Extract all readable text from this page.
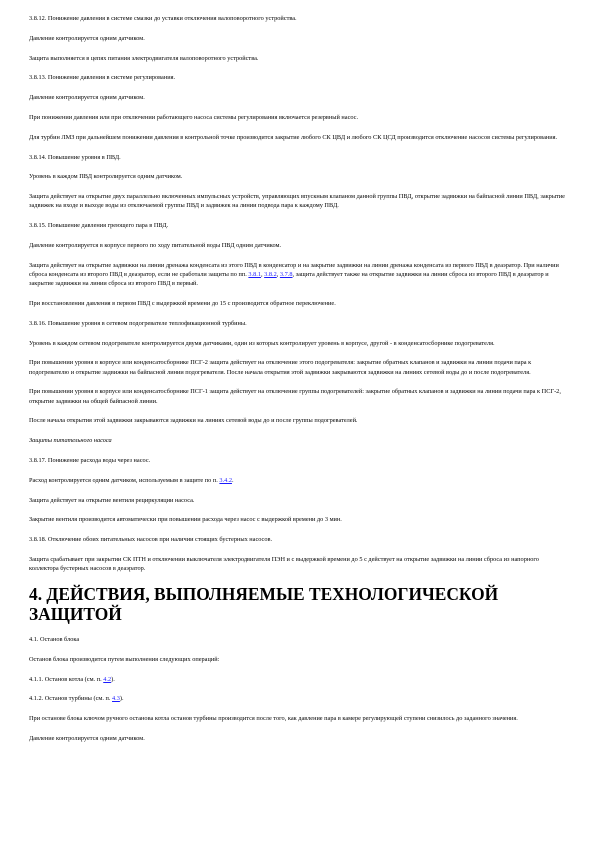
3.8.12. Понижение давления в системе смазки до уставки отключения валоповоротного устройства.

Давление контролируется одним датчиком.

Защита выполняется в цепях питания электродвигателя валоповоротного устройства.

3.8.13. Понижение давления в системе регулирования.

Давление контролируется одним датчиком.

При понижении давления или при отключении работающего насоса системы регулирования включается резервный насос.

Для турбин ЛМЗ при дальнейшем понижении давления в контрольной точке производится закрытие любого СК ЦВД и любого СК ЦСД производится отключение насосов системы регулирования.

3.8.14. Повышение уровня в ПВД.

Уровень в каждом ПВД контролируется одним датчиком.

Защита действует на открытие двух параллельно включенных импульсных устройств, управляющих впускным клапаном данной группы ПВД, открытие задвижки на байпасной линии ПВД, закрытие задвижек на входе и выходе воды из отключаемой группы ПВД и задвижек на линии подвода пара к каждому ПВД.

3.8.15. Повышение давления греющего пара в ПВД.

Давление контролируется в корпусе первого по ходу питательной воды ПВД одним датчиком.

Защита действует на открытие задвижки на линии дренажа конденсата из этого ПВД в конденсатор и на закрытие задвижки на линии дренажа конденсата из первого ПВД в деаэратор. При наличии сброса конденсата из второго ПВД в деаэратор, если не сработали защиты по пп. 3.8.1, 3.8.2, 3.7.8, защита действует также на открытие задвижки на линии сброса из второго ПВД в деаэратор и закрытие задвижки на линии сброса из второго ПВД в первый.

При восстановлении давления в первом ПВД с выдержкой времени до 15 с производится обратное переключение.

3.8.16. Повышение уровня в сетевом подогревателе теплофикационной турбины.

Уровень в каждом сетевом подогревателе контролируется двумя датчиками, один из которых контролирует уровень в корпусе, другой - в конденсатосборнике подогревателя.

При повышении уровня в корпусе или конденсатосборнике ПСГ-2 защита действует на отключение этого подогревателя: закрытие обратных клапанов и задвижки на линии подачи пара к подогревателю и открытие задвижки на байпасной линии подогревателя. После начала открытия этой задвижки закрываются задвижки на линиях сетевой воды до и после подогревателя.

При повышении уровня в корпусе или конденсатосборнике ПСГ-1 защита действует на отключение группы подогревателей: закрытие обратных клапанов и задвижки на линии подачи пара к ПСГ-2, открытие задвижки на общей байпасной линии.

После начала открытия этой задвижки закрываются задвижки на линиях сетевой воды до и после группы подогревателей.

Защиты питательного насоса

3.8.17. Понижение расхода воды через насос.

Расход контролируется одним датчиком, используемым в защите по п. 3.4.2.

Защита действует на открытие вентиля рециркуляции насоса.

Закрытие вентиля производится автоматически при повышении расхода через насос с выдержкой времени до 3 мин.

3.8.18. Отключение обоих питательных насосов при наличии стоящих бустерных насосов.

Защита срабатывает при закрытии СК ПТН и отключении выключателя электродвигателя ПЭН и с выдержкой времени до 5 с действует на открытие задвижки на линии сброса из напорного коллектора бустерных насосов в деаэратор.

4. ДЕЙСТВИЯ, ВЫПОЛНЯЕМЫЕ ТЕХНОЛОГИЧЕСКОЙ ЗАЩИТОЙ

4.1. Останов блока

Останов блока производится путем выполнения следующих операций:

4.1.1. Останов котла (см. п. 4.2).

4.1.2. Останов турбины (см. п. 4.3).

При останове блока ключом ручного останова котла останов турбины производится после того, как давление пара в камере регулирующей ступени снизилось до заданного значения.

Давление контролируется одним датчиком.
